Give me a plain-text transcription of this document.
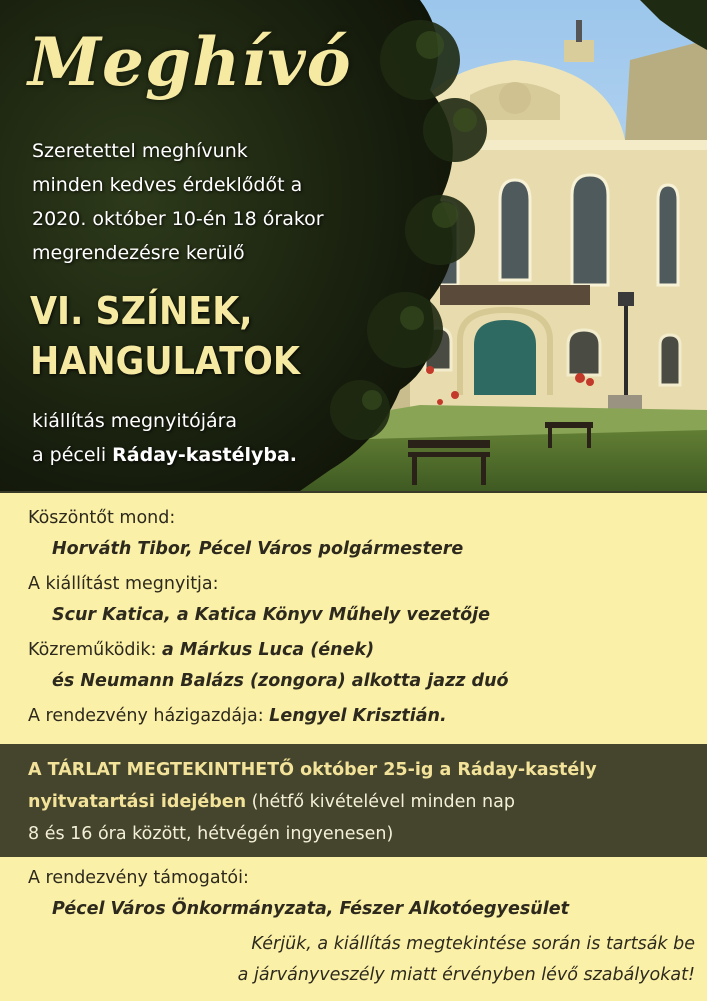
Meghívó
Szeretettel meghívunk
minden kedves érdeklődőt a
2020. október 10-én 18 órakor
megrendezésre kerülő
VI. SZÍNEK,
HANGULATOK
kiállítás megnyitójára
a péceli Ráday-kastélyba.
Köszöntőt mond:
Horváth Tibor, Pécel Város polgármestere
A kiállítást megnyitja:
Scur Katica, a Katica Könyv Műhely vezetője
Közreműködik: a Márkus Luca (ének)
és Neumann Balázs (zongora) alkotta jazz duó
A rendezvény házigazdája: Lengyel Krisztián.
A TÁRLAT MEGTEKINTHETŐ október 25-ig a Ráday-kastély
nyitvatartási idejében (hétfő kivételével minden nap
8 és 16 óra között, hétvégén ingyenesen)
A rendezvény támogatói:
Pécel Város Önkormányzata, Fészer Alkotóegyesület
Kérjük, a kiállítás megtekintése során is tartsák be
a járványveszély miatt érvényben lévő szabályokat!
